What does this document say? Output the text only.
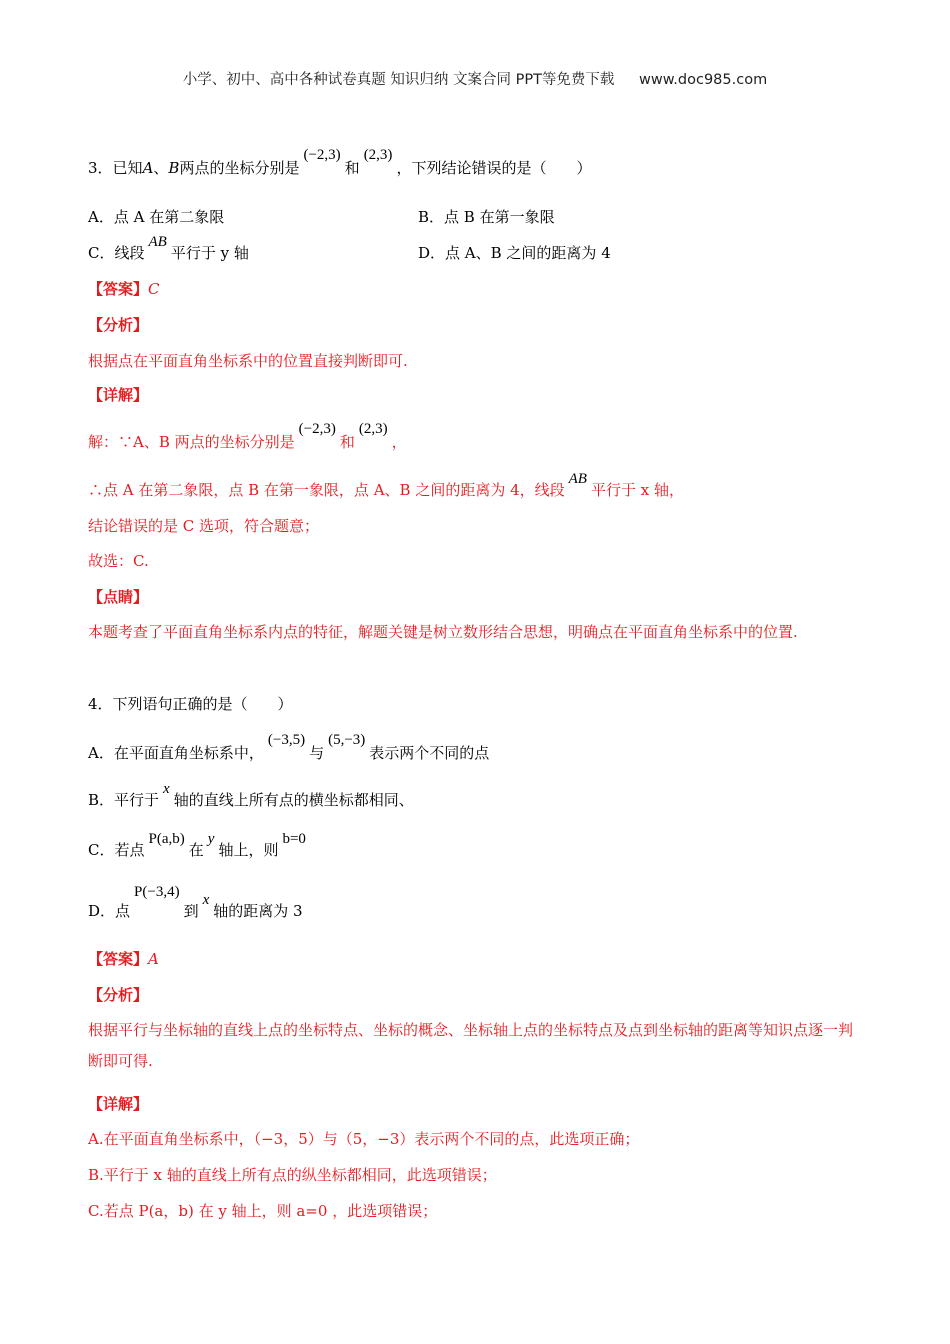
小学、初中、高中各种试卷真题 知识归纳 文案合同 PPT等免费下载 www.doc985.com
3．已知A、B两点的坐标分别是(−2,3)和(2,3)，下列结论错误的是（　　）
A．点 A 在第二象限	B．点 B 在第一象限
C．线段AB平行于 y 轴	D．点 A、B 之间的距离为 4
【答案】C
【分析】
根据点在平面直角坐标系中的位置直接判断即可.
【详解】
解：∵A、B 两点的坐标分别是(−2,3)和(2,3)，
∴点 A 在第二象限，点 B 在第一象限，点 A、B 之间的距离为 4，线段AB平行于 x 轴，
结论错误的是 C 选项，符合题意；
故选：C.
【点睛】
本题考查了平面直角坐标系内点的特征，解题关键是树立数形结合思想，明确点在平面直角坐标系中的位置.
4．下列语句正确的是（　　）
A．在平面直角坐标系中，(−3,5)与(5,−3)表示两个不同的点
B．平行于x轴的直线上所有点的横坐标都相同、
C．若点P(a,b)在y轴上，则b=0
D．点P(−3,4)到x轴的距离为 3
【答案】A
【分析】
根据平行与坐标轴的直线上点的坐标特点、坐标的概念、坐标轴上点的坐标特点及点到坐标轴的距离等知识点逐一判断即可得.
【详解】
A.在平面直角坐标系中，（−3，5）与（5，−3）表示两个不同的点，此选项正确；
B.平行于 x 轴的直线上所有点的纵坐标都相同，此选项错误；
C.若点 P(a，b) 在 y 轴上，则 a=0 ，此选项错误；
